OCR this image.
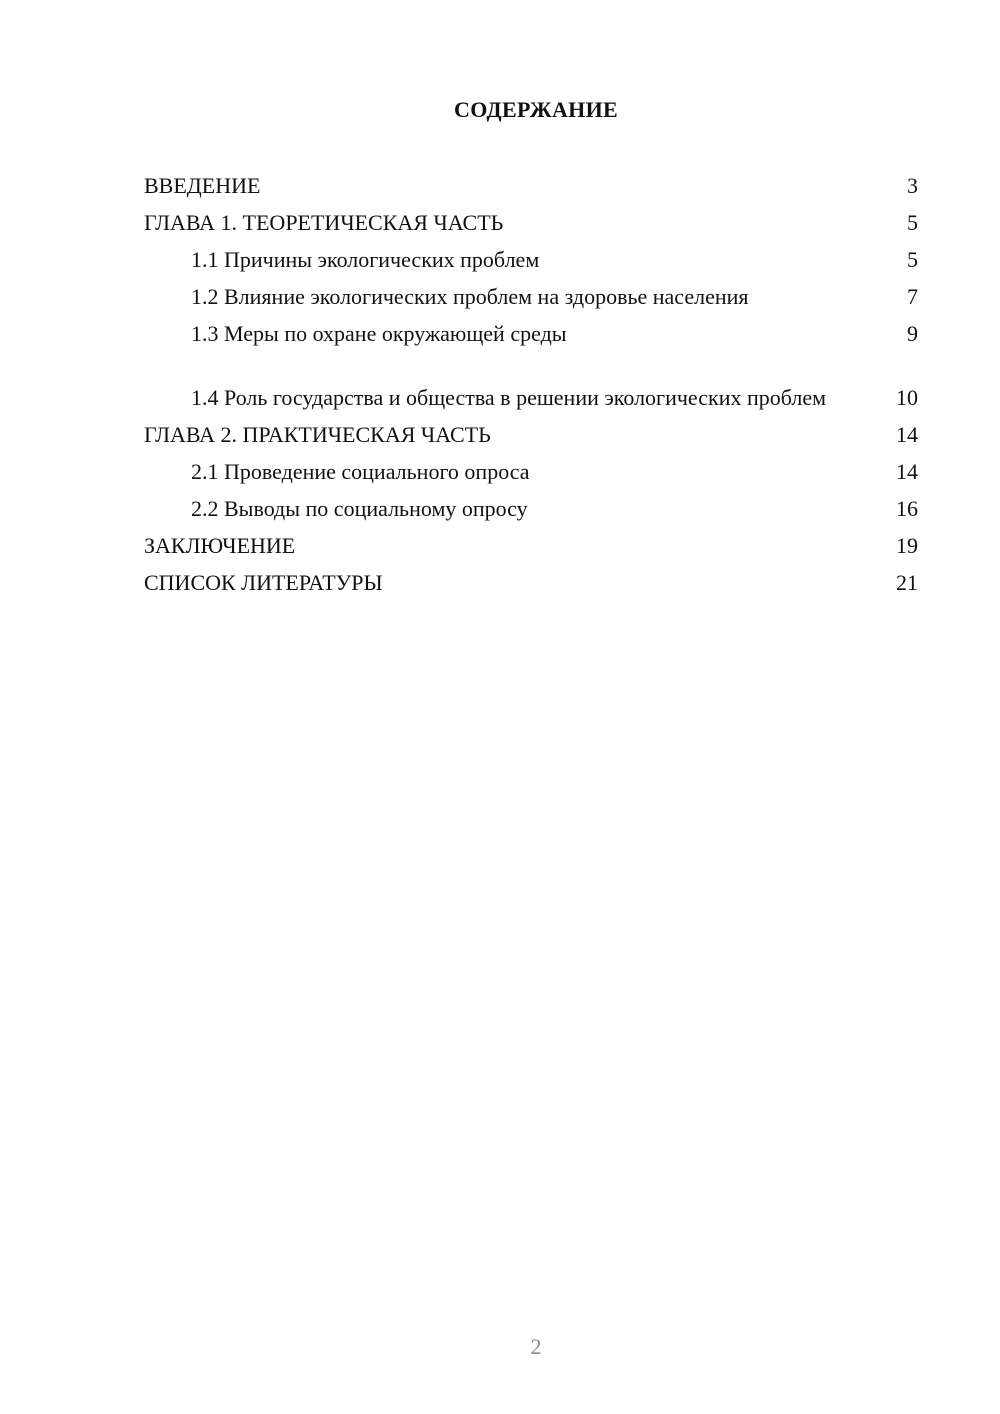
СОДЕРЖАНИЕ
ВВЕДЕНИЕ	3
ГЛАВА 1. ТЕОРЕТИЧЕСКАЯ ЧАСТЬ	5
1.1 Причины экологических проблем	5
1.2 Влияние экологических проблем на здоровье населения	7
1.3 Меры по охране окружающей среды	9
1.4 Роль государства и общества в решении экологических проблем	10
ГЛАВА 2. ПРАКТИЧЕСКАЯ ЧАСТЬ	14
2.1 Проведение социального опроса	14
2.2 Выводы по социальному опросу	16
ЗАКЛЮЧЕНИЕ	19
СПИСОК ЛИТЕРАТУРЫ	21
2
